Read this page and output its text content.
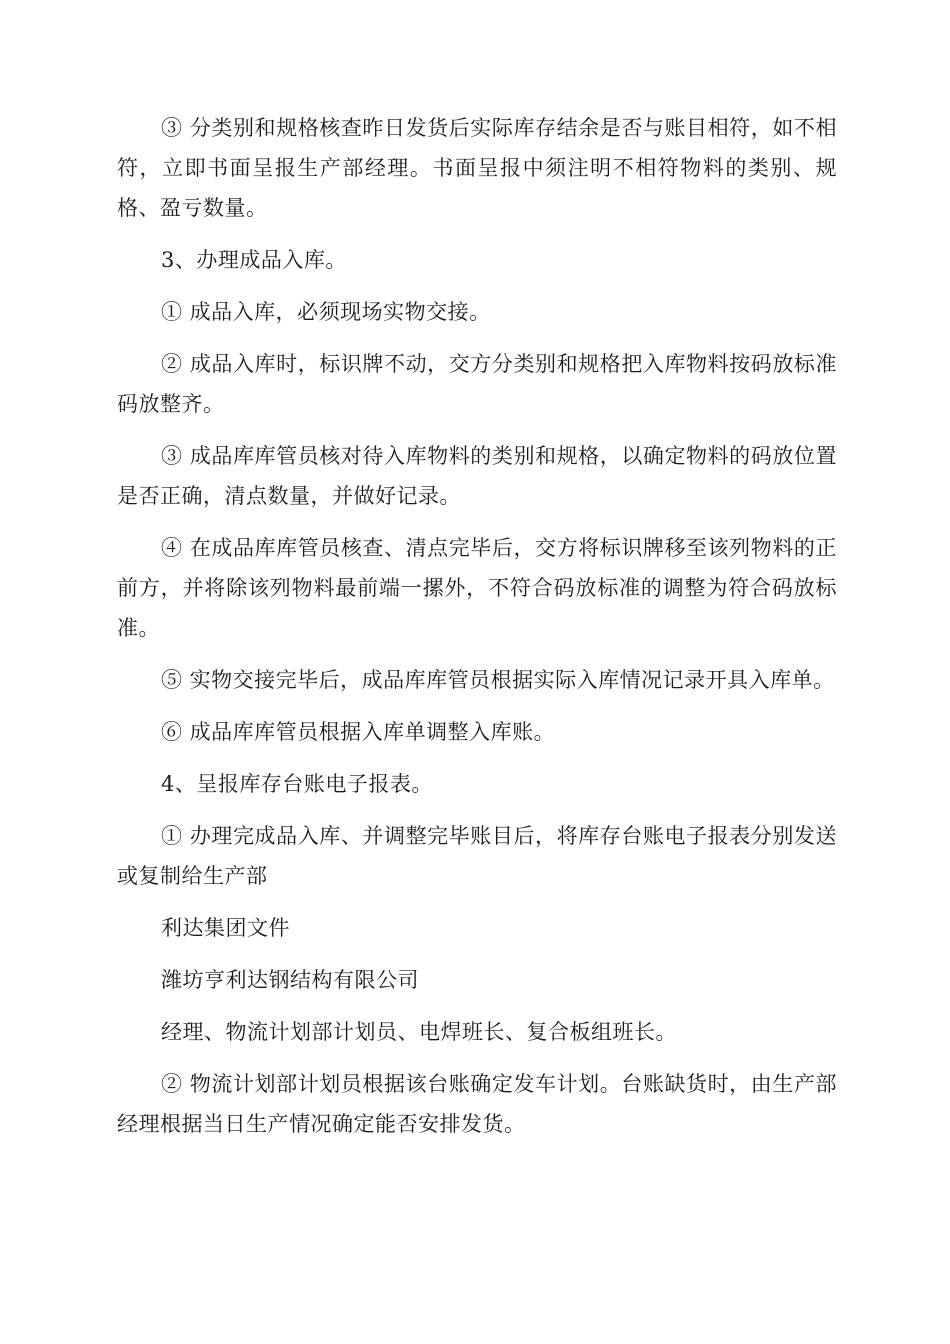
③ 分类别和规格核查昨日发货后实际库存结余是否与账目相符，如不相符，立即书面呈报生产部经理。书面呈报中须注明不相符物料的类别、规格、盈亏数量。

3、办理成品入库。

① 成品入库，必须现场实物交接。

② 成品入库时，标识牌不动，交方分类别和规格把入库物料按码放标准码放整齐。

③ 成品库库管员核对待入库物料的类别和规格，以确定物料的码放位置是否正确，清点数量，并做好记录。

④ 在成品库库管员核查、清点完毕后，交方将标识牌移至该列物料的正前方，并将除该列物料最前端一摞外，不符合码放标准的调整为符合码放标准。

⑤ 实物交接完毕后，成品库库管员根据实际入库情况记录开具入库单。

⑥ 成品库库管员根据入库单调整入库账。

4、呈报库存台账电子报表。

① 办理完成品入库、并调整完毕账目后，将库存台账电子报表分别发送或复制给生产部

利达集团文件

潍坊亨利达钢结构有限公司

经理、物流计划部计划员、电焊班长、复合板组班长。

② 物流计划部计划员根据该台账确定发车计划。台账缺货时，由生产部经理根据当日生产情况确定能否安排发货。
